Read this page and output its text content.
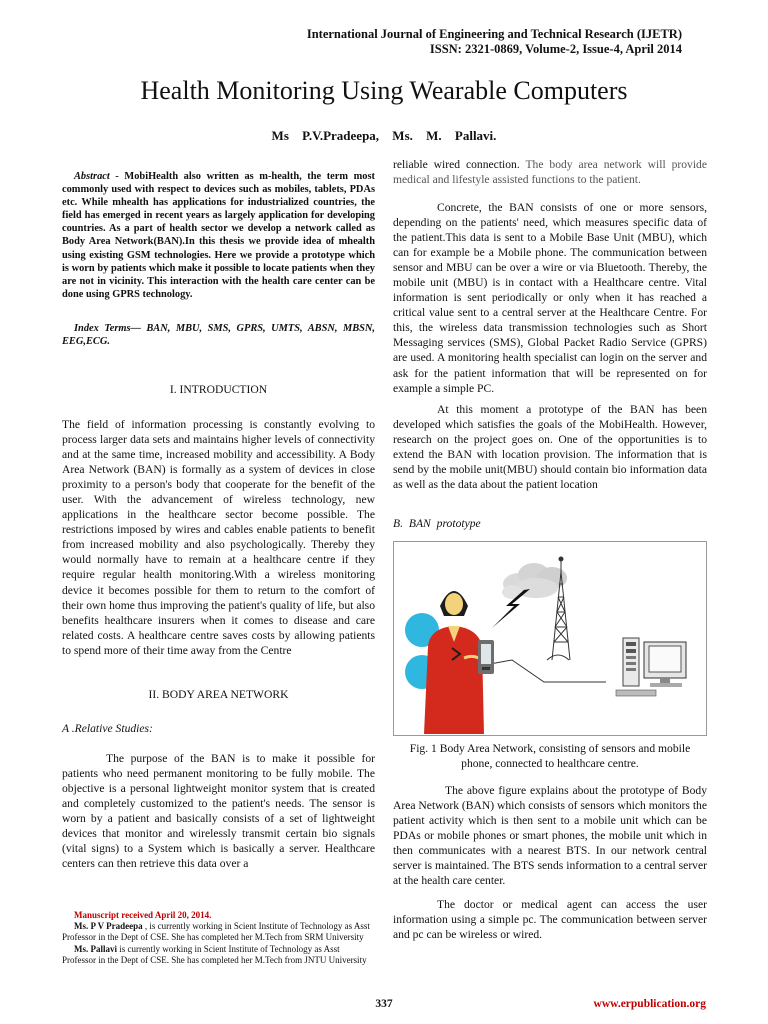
International Journal of Engineering and Technical Research (IJETR)
ISSN: 2321-0869, Volume-2, Issue-4, April 2014
Health Monitoring Using Wearable Computers
Ms P.V.Pradeepa, Ms. M. Pallavi.
Abstract - MobiHealth also written as m-health, the term most commonly used with respect to devices such as mobiles, tablets, PDAs etc. While mhealth has applications for industrialized countries, the field has emerged in recent years as largely application for developing countries. As a part of health sector we develop a network called as Body Area Network(BAN).In this thesis we provide idea of mhealth using existing GSM technologies. Here we provide a prototype which is worn by patients which make it possible to locate patients when they are not in vicinity. This interaction with the health care center can be done using GPRS technology.
Index Terms— BAN, MBU, SMS, GPRS, UMTS, ABSN, MBSN, EEG,ECG.
I. INTRODUCTION
The field of information processing is constantly evolving to process larger data sets and maintains higher levels of connectivity and at the same time, increased mobility and accessibility. A Body Area Network (BAN) is formally as a system of devices in close proximity to a person's body that cooperate for the benefit of the user. With the advancement of wireless technology, new applications in the healthcare sector become possible. The restrictions imposed by wires and cables enable patients to benefit from increased mobility and also psychologically. Thereby they would normally have to remain at a healthcare centre if they require regular health monitoring.With a wireless monitoring device it becomes possible for them to return to the comfort of their own home thus improving the patient's quality of life, but also benefits healthcare insurers when it comes to disease and care related costs. A healthcare centre saves costs by allowing patients to spend more of their time away from the Centre
II. BODY AREA NETWORK
A .Relative Studies:
The purpose of the BAN is to make it possible for patients who need permanent monitoring to be fully mobile. The objective is a personal lightweight monitor system that is created and completely customized to the patient's needs. The sensor is worn by a patient and basically consists of a set of lightweight devices that monitor and wirelessly transmit certain bio signals (vital signs) to a System which is basically a server. Healthcare centers can then retrieve this data over a
Manuscript received April 20, 2014.
Ms. P V Pradeepa , is currently working in Scient Institute of Technology as Asst Professor in the Dept of CSE. She has completed her M.Tech from SRM University
Ms. Pallavi is currently working in Scient Institute of Technology as Asst Professor in the Dept of CSE. She has completed her M.Tech from JNTU University
reliable wired connection. The body area network will provide medical and lifestyle assisted functions to the patient.
Concrete, the BAN consists of one or more sensors, depending on the patients' need, which measures specific data of the patient.This data is sent to a Mobile Base Unit (MBU), which can for example be a Mobile phone. The communication between sensor and MBU can be over a wire or via Bluetooth. Thereby, the mobile unit (MBU) is in contact with a Healthcare centre. Vital information is sent periodically or only when it has reached a critical value sent to a central server at the Healthcare Centre. For this, the wireless data transmission technologies such as Short Messaging services (SMS), Global Packet Radio Service (GPRS) are used. A monitoring health specialist can login on the server and ask for the patient information that will be represented on for example a simple PC.
At this moment a prototype of the BAN has been developed which satisfies the goals of the MobiHealth. However, research on the project goes on. One of the opportunities is to extend the BAN with location provision. The information that is send by the mobile unit(MBU) should contain bio information data as well as the data about the patient location
B. BAN prototype
Fig. 1 Body Area Network, consisting of sensors and mobile phone, connected to healthcare centre.
The above figure explains about the prototype of Body Area Network (BAN) which consists of sensors which monitors the patient activity which is then sent to a mobile unit which can be PDAs or mobile phones or smart phones, the mobile unit which in then communicates with a nearest BTS. In our network central server is maintained. The BTS sends information to a central server at the health care center.
The doctor or medical agent can access the user information using a simple pc. The communication between server and pc can be wireless or wired.
337	www.erpublication.org
